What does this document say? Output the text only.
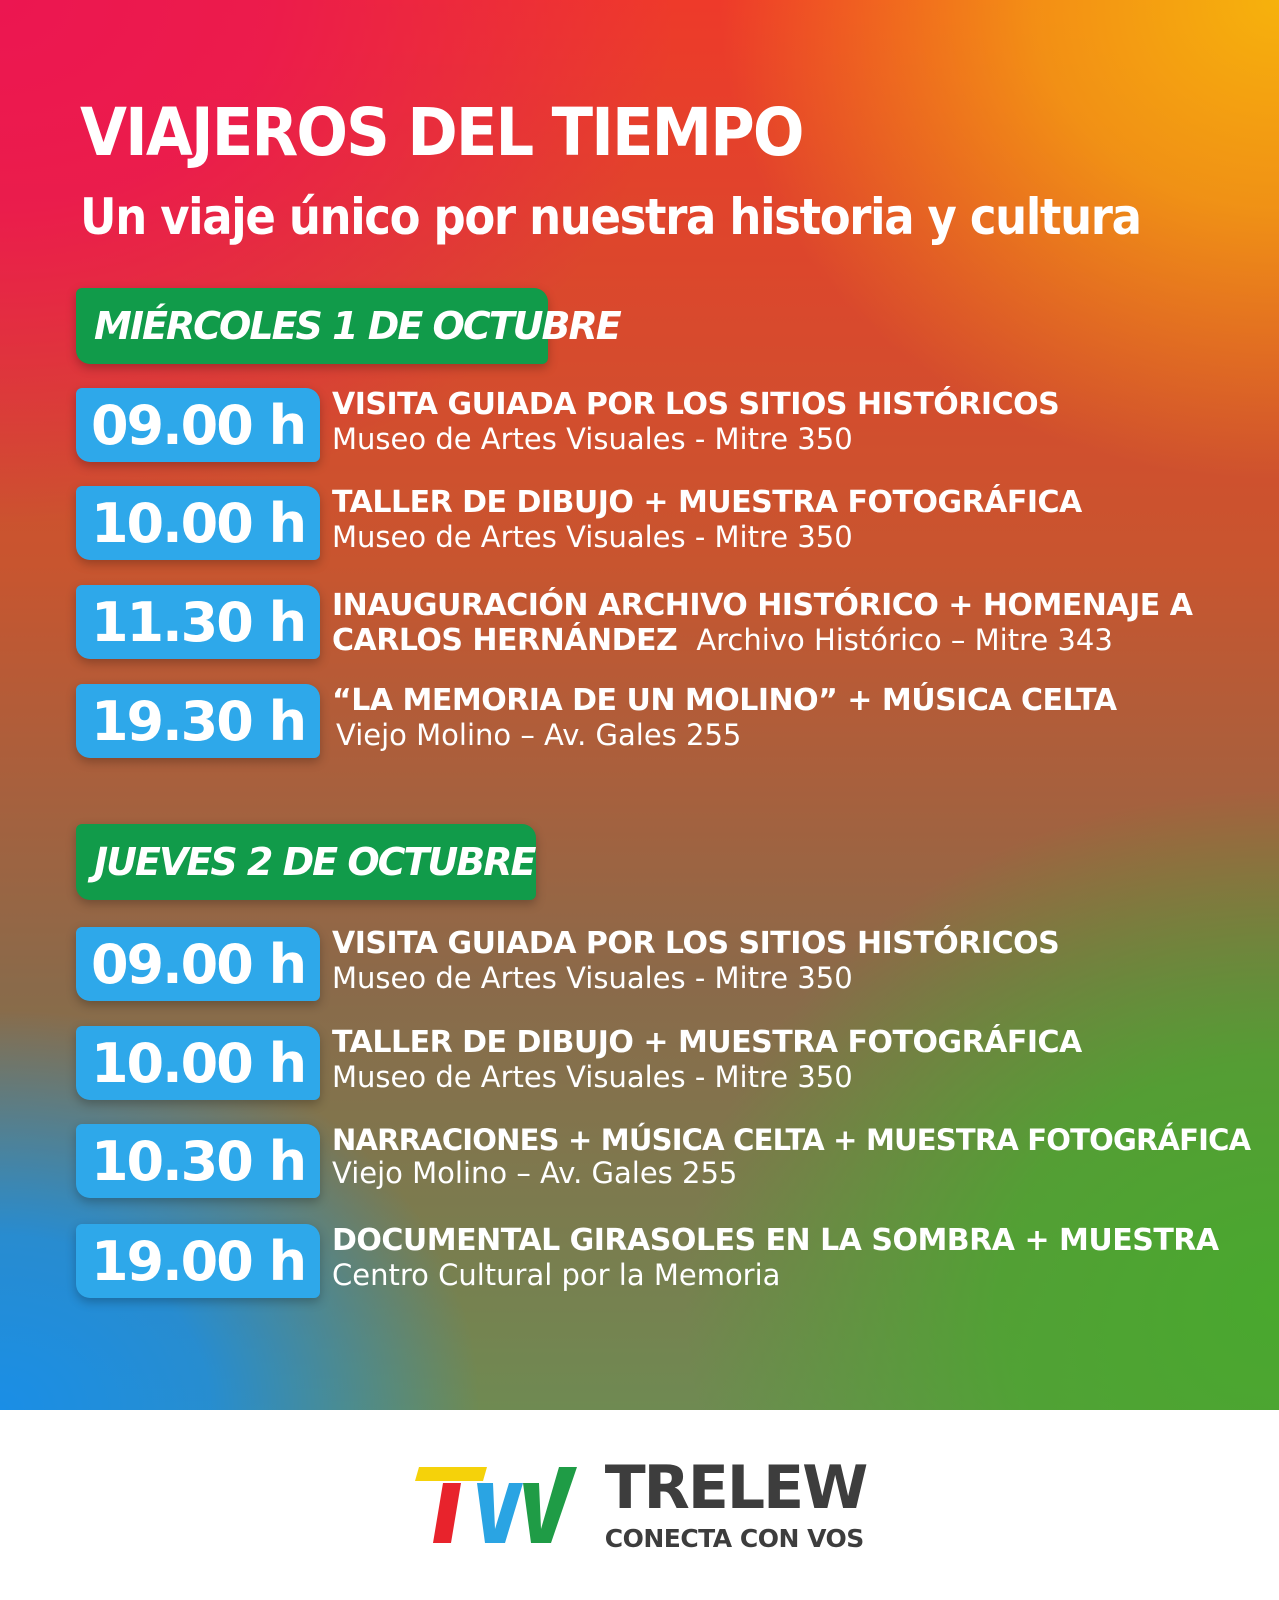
VIAJEROS DEL TIEMPO
Un viaje único por nuestra historia y cultura
MIÉRCOLES 1 DE OCTUBRE
09.00 h VISITA GUIADA POR LOS SITIOS HISTÓRICOS
Museo de Artes Visuales - Mitre 350
10.00 h TALLER DE DIBUJO + MUESTRA FOTOGRÁFICA
Museo de Artes Visuales - Mitre 350
11.30 h INAUGURACIÓN ARCHIVO HISTÓRICO + HOMENAJE A
CARLOS HERNÁNDEZ Archivo Histórico – Mitre 343
19.30 h “LA MEMORIA DE UN MOLINO” + MÚSICA CELTA
Viejo Molino – Av. Gales 255
JUEVES 2 DE OCTUBRE
09.00 h VISITA GUIADA POR LOS SITIOS HISTÓRICOS
Museo de Artes Visuales - Mitre 350
10.00 h TALLER DE DIBUJO + MUESTRA FOTOGRÁFICA
Museo de Artes Visuales - Mitre 350
10.30 h NARRACIONES + MÚSICA CELTA + MUESTRA FOTOGRÁFICA
Viejo Molino – Av. Gales 255
19.00 h DOCUMENTAL GIRASOLES EN LA SOMBRA + MUESTRA
Centro Cultural por la Memoria
TRELEW
CONECTA CON VOS
